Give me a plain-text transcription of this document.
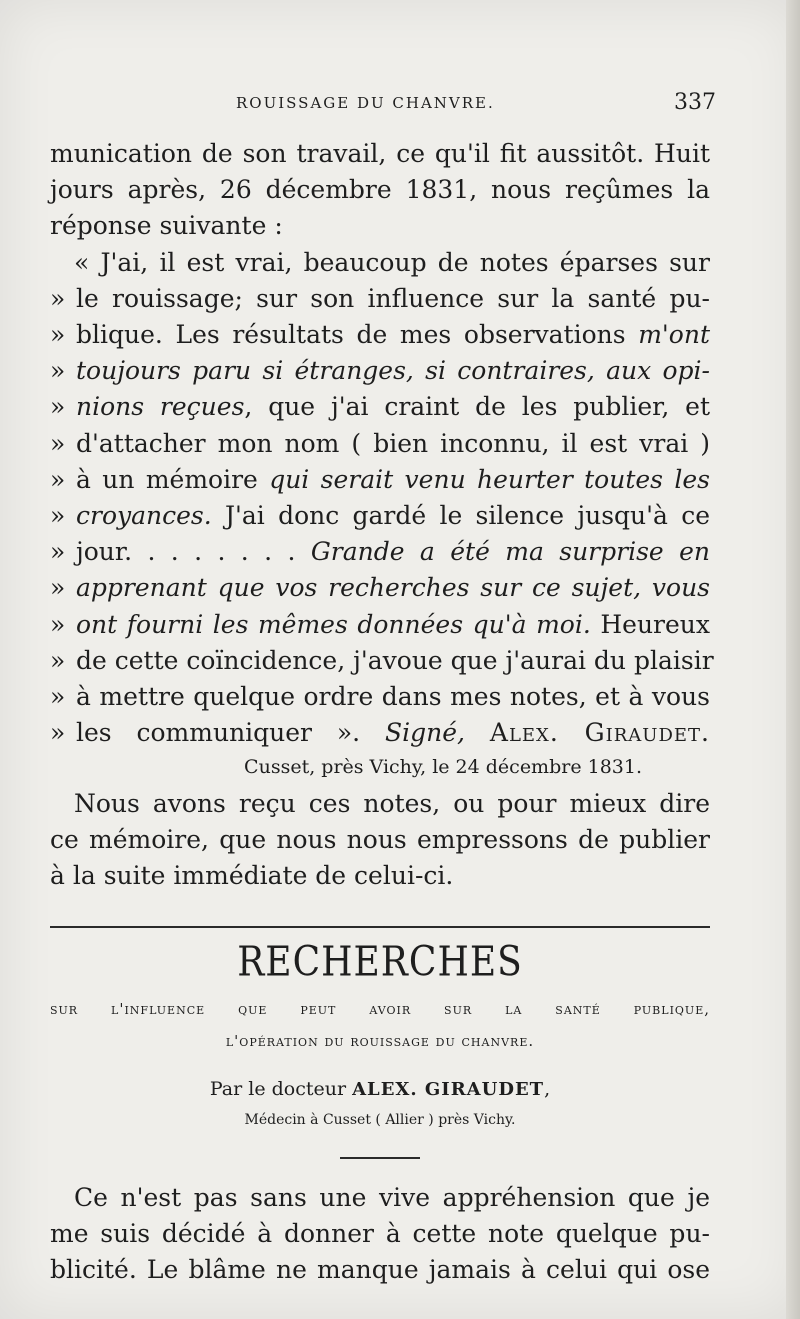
ROUISSAGE DU CHANVRE.	337
munication de son travail, ce qu'il fit aussitôt. Huit
jours après, 26 décembre 1831, nous reçûmes la
réponse suivante :
« J'ai, il est vrai, beaucoup de notes éparses sur
» le rouissage; sur son influence sur la santé pu-
» blique. Les résultats de mes observations m'ont
» toujours paru si étranges, si contraires, aux opi-
» nions reçues, que j'ai craint de les publier, et
» d'attacher mon nom ( bien inconnu, il est vrai )
» à un mémoire qui serait venu heurter toutes les
» croyances. J'ai donc gardé le silence jusqu'à ce
» jour. . . . . . . . Grande a été ma surprise en
» apprenant que vos recherches sur ce sujet, vous
» ont fourni les mêmes données qu'à moi. Heureux
» de cette coïncidence, j'avoue que j'aurai du plaisir
» à mettre quelque ordre dans mes notes, et à vous
» les communiquer ». Signé, Alex. Giraudet.
Cusset, près Vichy, le 24 décembre 1831.
Nous avons reçu ces notes, ou pour mieux dire
ce mémoire, que nous nous empressons de publier
à la suite immédiate de celui-ci.
RECHERCHES
sur l'influence que peut avoir sur la santé publique,
l'opération du rouissage du chanvre.
Par le docteur ALEX. GIRAUDET,
Médecin à Cusset ( Allier ) près Vichy.
Ce n'est pas sans une vive appréhension que je
me suis décidé à donner à cette note quelque pu-
blicité. Le blâme ne manque jamais à celui qui ose
